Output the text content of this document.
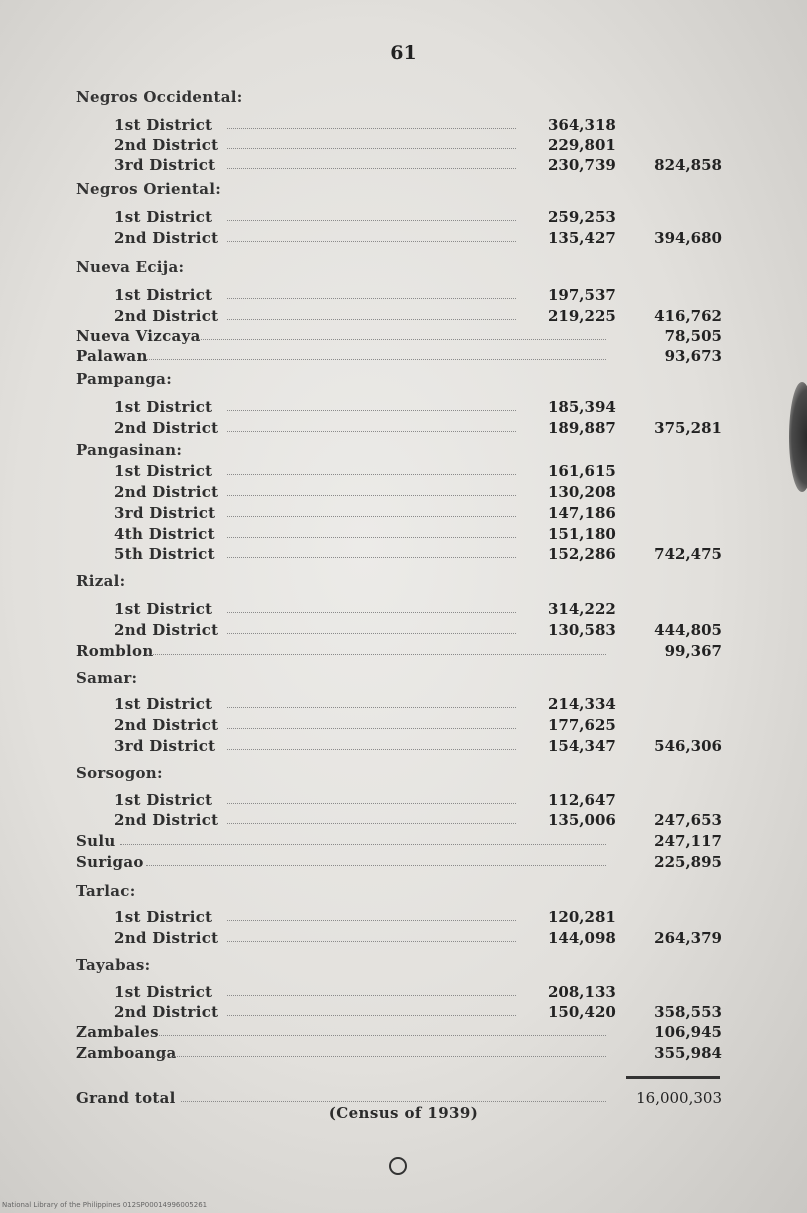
61
Negros Occidental:
1st District	364,318
2nd District	229,801
3rd District	230,739	824,858
Negros Oriental:
1st District	259,253
2nd District	135,427	394,680
Nueva Ecija:
1st District	197,537
2nd District	219,225	416,762
Nueva Vizcaya	78,505
Palawan	93,673
Pampanga:
1st District	185,394
2nd District	189,887	375,281
Pangasinan:
1st District	161,615
2nd District	130,208
3rd District	147,186
4th District	151,180
5th District	152,286	742,475
Rizal:
1st District	314,222
2nd District	130,583	444,805
Romblon	99,367
Samar:
1st District	214,334
2nd District	177,625
3rd District	154,347	546,306
Sorsogon:
1st District	112,647
2nd District	135,006	247,653
Sulu	247,117
Surigao	225,895
Tarlac:
1st District	120,281
2nd District	144,098	264,379
Tayabas:
1st District	208,133
2nd District	150,420	358,553
Zambales	106,945
Zamboanga	355,984
Grand total	16,000,303
(Census of 1939)
National Library of the Philippines 012SP00014996005261
